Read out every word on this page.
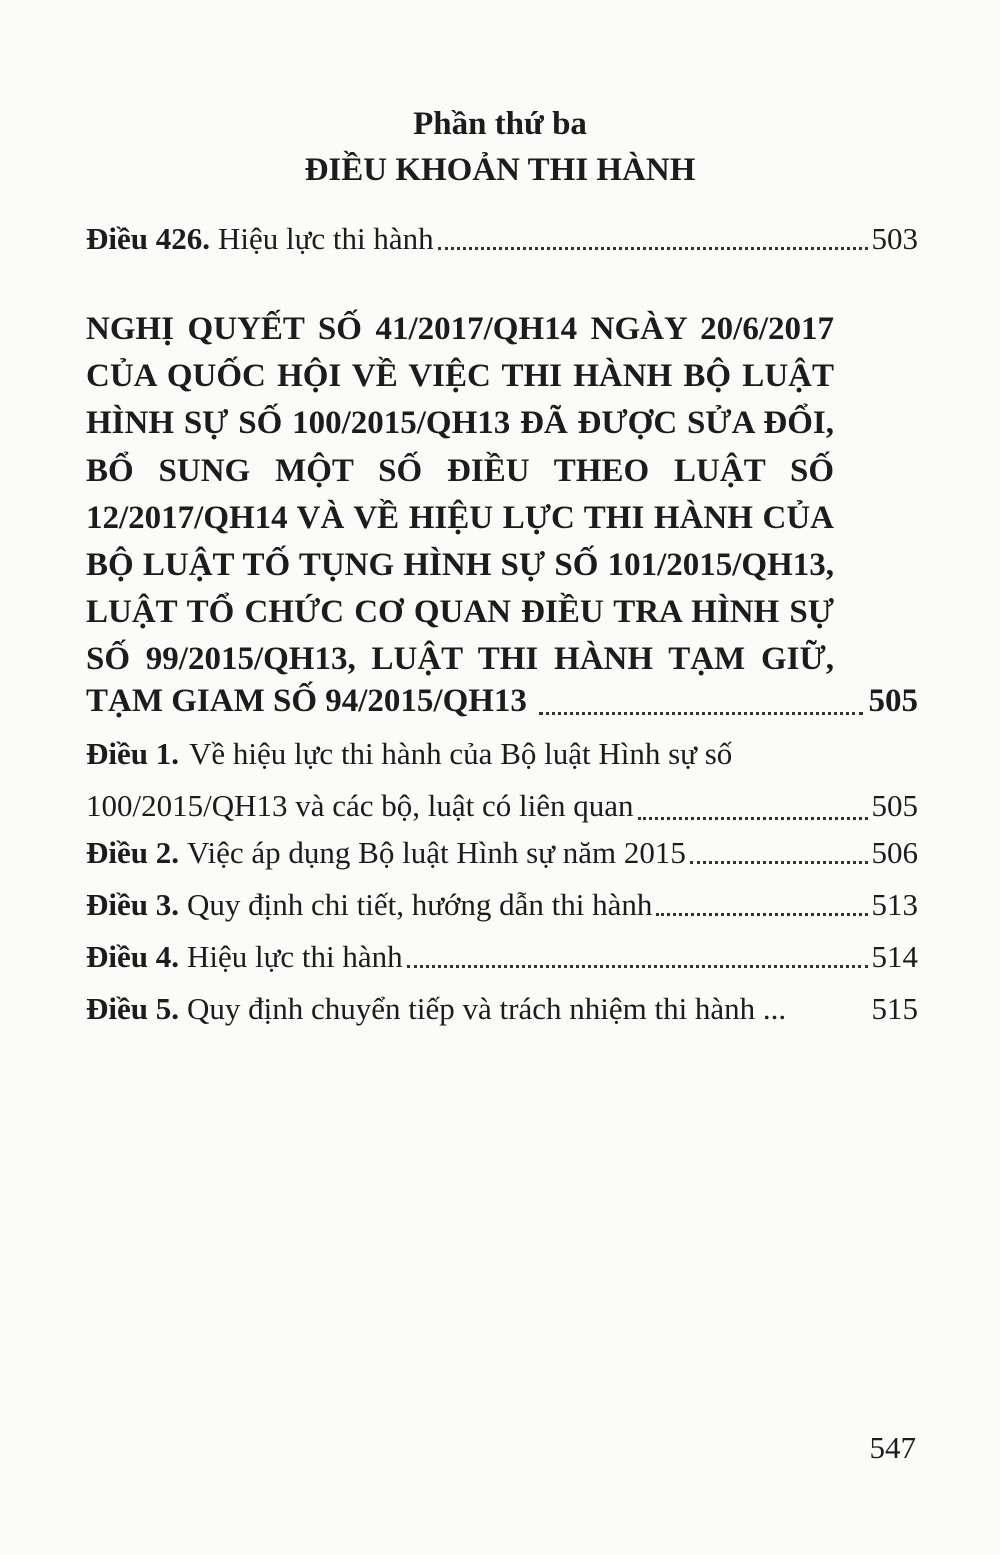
Phần thứ ba
ĐIỀU KHOẢN THI HÀNH
Điều 426. Hiệu lực thi hành	503
NGHỊ QUYẾT SỐ 41/2017/QH14 NGÀY 20/6/2017
CỦA QUỐC HỘI VỀ VIỆC THI HÀNH BỘ LUẬT
HÌNH SỰ SỐ 100/2015/QH13 ĐÃ ĐƯỢC SỬA ĐỔI,
BỔ SUNG MỘT SỐ ĐIỀU THEO LUẬT SỐ
12/2017/QH14 VÀ VỀ HIỆU LỰC THI HÀNH CỦA
BỘ LUẬT TỐ TỤNG HÌNH SỰ SỐ 101/2015/QH13,
LUẬT TỔ CHỨC CƠ QUAN ĐIỀU TRA HÌNH SỰ
SỐ 99/2015/QH13, LUẬT THI HÀNH TẠM GIỮ,
TẠM GIAM SỐ 94/2015/QH13	505
Điều 1. Về hiệu lực thi hành của Bộ luật Hình sự số
100/2015/QH13 và các bộ, luật có liên quan	505
Điều 2. Việc áp dụng Bộ luật Hình sự năm 2015	506
Điều 3. Quy định chi tiết, hướng dẫn thi hành	513
Điều 4. Hiệu lực thi hành	514
Điều 5. Quy định chuyển tiếp và trách nhiệm thi hành ...	515
547
